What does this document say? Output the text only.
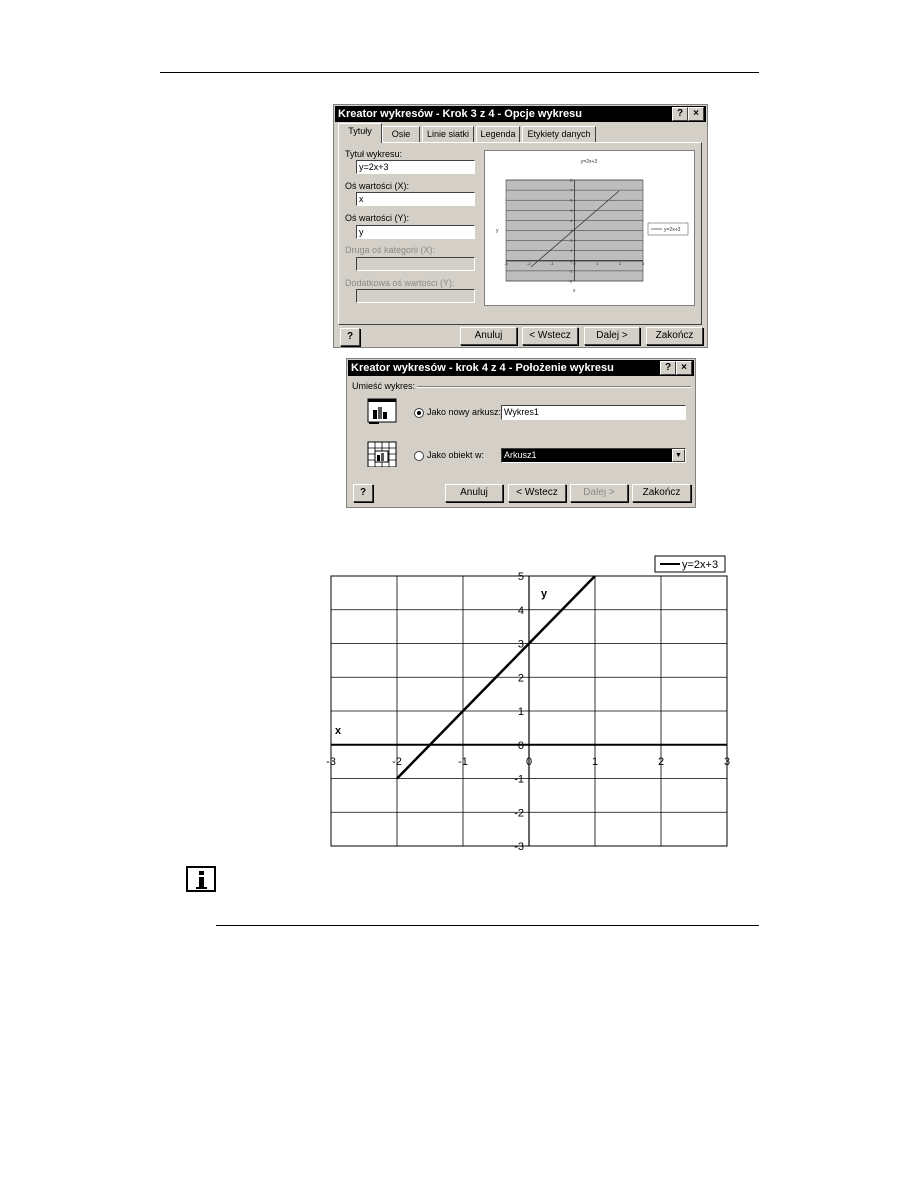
Kreator wykresów - Krok 3 z 4 - Opcje wykresu	?	×
Tytuły	Osie	Linie siatki	Legenda	Etykiety danych
Tytuł wykresu:
y=2x+3
Oś wartości (X):
x
Oś wartości (Y):
y
Druga oś kategorii (X):
Dodatkowa oś wartości (Y):
y=2x+3
8
7
6
5
4
3
2
1
0
-1
-2
-3	-2	-1	0	1	2	3
y
x
y=2x+3
?	Anuluj	< Wstecz	Dalej >	Zakończ
Kreator wykresów - krok 4 z 4 - Położenie wykresu	?	×
Umieść wykres:
Jako nowy arkusz: Wykres1
Jako obiekt w: Arkusz1	▼
?	Anuluj	< Wstecz	Dalej >	Zakończ
-3	-2	-1	0	1	2	3
5
4
3
2
1
0
-1
-2
-3
y
x
y=2x+3
